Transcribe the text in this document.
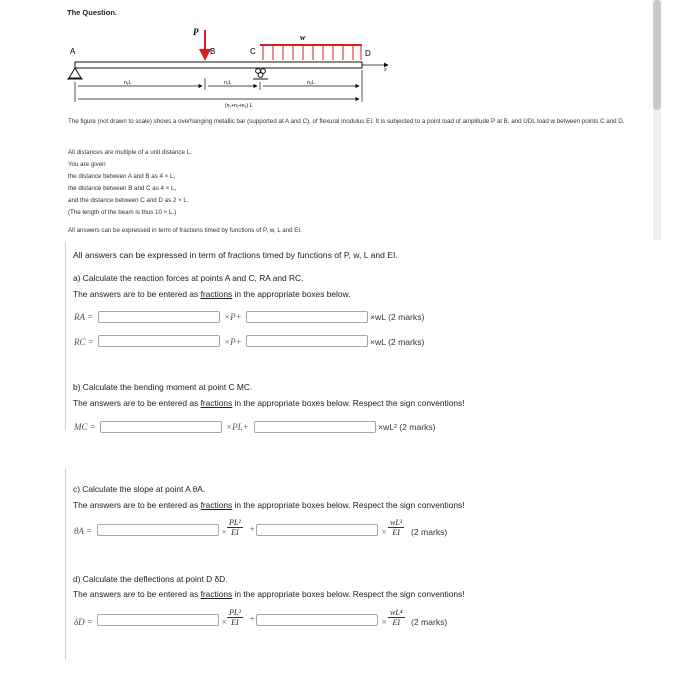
The Question.
P
w
A	B	C	D
x
n₁L	n₂L	n₃L
(n₁+n₂+n₃) L
The figure (not drawn to scale) shows a overhanging metallic bar (supported at A and C), of flexural modulus EI. It is subjected to a point load of amplitude P at B, and UDL load w between points C and D.
All distances are multiple of a unit distance L.
You are given
the distance between A and B as 4 × L,
the distance between B and C as 4 × L,
and the distance between C and D as 2 × L.
(The length of the beam is thus 10 × L.)
All answers can be expressed in term of fractions timed by functions of P, w, L and EI.
All answers can be expressed in term of fractions timed by functions of P, w, L and EI.
a) Calculate the reaction forces at points A and C, RA and RC.
The answers are to be entered as fractions in the appropriate boxes below.
RA =	×P+	×wL (2 marks)
RC =	×P+	×wL (2 marks)
b) Calculate the bending moment at point C MC.
The answers are to be entered as fractions in the appropriate boxes below. Respect the sign conventions!
MC =	×PL+	×wL² (2 marks)
c) Calculate the slope at point A θA.
The answers are to be entered as fractions in the appropriate boxes below. Respect the sign conventions!
θA =	× $\frac{\text{PL²}}{EI}$ +	× $\frac{\text{wL³}}{EI} (2$ marks)
d) Calculate the deflections at point D δD.
The answers are to be entered as fractions in the appropriate boxes below. Respect the sign conventions!
δD =	× $\frac{\text{PL³}}{EI}$ +	× $\frac{\text{wL⁴}}{EI} (2$ marks)
